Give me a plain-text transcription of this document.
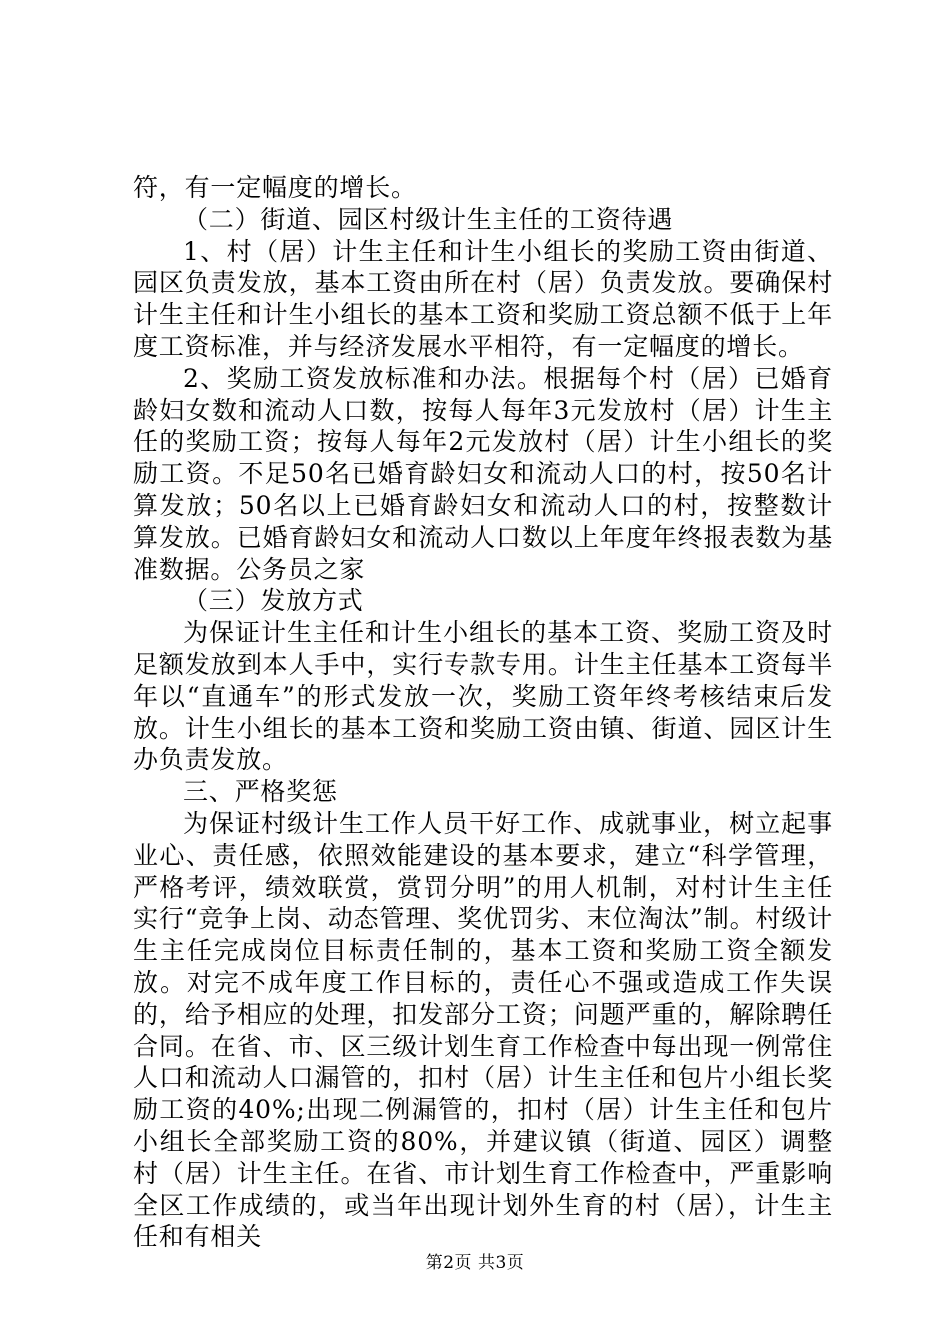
符，有一定幅度的增长。

（二）街道、园区村级计生主任的工资待遇

1、村（居）计生主任和计生小组长的奖励工资由街道、园区负责发放，基本工资由所在村（居）负责发放。要确保村计生主任和计生小组长的基本工资和奖励工资总额不低于上年度工资标准，并与经济发展水平相符，有一定幅度的增长。

2、奖励工资发放标准和办法。根据每个村（居）已婚育龄妇女数和流动人口数，按每人每年3元发放村（居）计生主任的奖励工资；按每人每年2元发放村（居）计生小组长的奖励工资。不足50名已婚育龄妇女和流动人口的村，按50名计算发放；50名以上已婚育龄妇女和流动人口的村，按整数计算发放。已婚育龄妇女和流动人口数以上年度年终报表数为基准数据。公务员之家

（三）发放方式

为保证计生主任和计生小组长的基本工资、奖励工资及时足额发放到本人手中，实行专款专用。计生主任基本工资每半年以“直通车”的形式发放一次，奖励工资年终考核结束后发放。计生小组长的基本工资和奖励工资由镇、街道、园区计生办负责发放。

三、严格奖惩

为保证村级计生工作人员干好工作、成就事业，树立起事业心、责任感，依照效能建设的基本要求，建立“科学管理，严格考评，绩效联赏，赏罚分明”的用人机制，对村计生主任实行“竞争上岗、动态管理、奖优罚劣、末位淘汰”制。村级计生主任完成岗位目标责任制的，基本工资和奖励工资全额发放。对完不成年度工作目标的，责任心不强或造成工作失误的，给予相应的处理，扣发部分工资；问题严重的，解除聘任合同。在省、市、区三级计划生育工作检查中每出现一例常住人口和流动人口漏管的，扣村（居）计生主任和包片小组长奖励工资的40%;出现二例漏管的，扣村（居）计生主任和包片小组长全部奖励工资的80%，并建议镇（街道、园区）调整村（居）计生主任。在省、市计划生育工作检查中，严重影响全区工作成绩的，或当年出现计划外生育的村（居），计生主任和有相关

第2页 共3页
